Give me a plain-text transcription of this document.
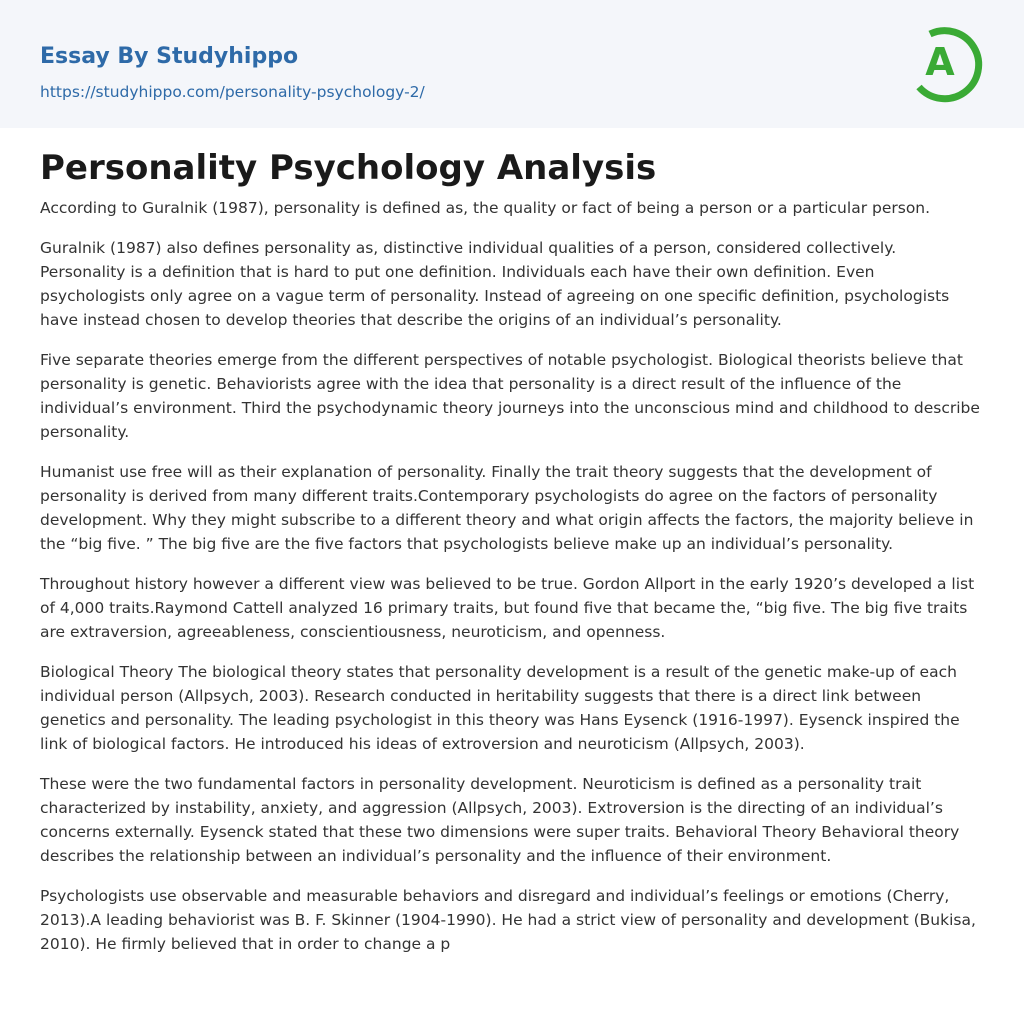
Essay By Studyhippo
https://studyhippo.com/personality-psychology-2/
A
Personality Psychology Analysis

According to Guralnik (1987), personality is defined as, the quality or fact of being a person or a particular person.

Guralnik (1987) also defines personality as, distinctive individual qualities of a person, considered collectively. Personality is a definition that is hard to put one definition. Individuals each have their own definition. Even psychologists only agree on a vague term of personality. Instead of agreeing on one specific definition, psychologists have instead chosen to develop theories that describe the origins of an individual’s personality.

Five separate theories emerge from the different perspectives of notable psychologist. Biological theorists believe that personality is genetic. Behaviorists agree with the idea that personality is a direct result of the influence of the individual’s environment. Third the psychodynamic theory journeys into the unconscious mind and childhood to describe personality.

Humanist use free will as their explanation of personality. Finally the trait theory suggests that the development of personality is derived from many different traits.Contemporary psychologists do agree on the factors of personality development. Why they might subscribe to a different theory and what origin affects the factors, the majority believe in the “big five. ” The big five are the five factors that psychologists believe make up an individual’s personality.

Throughout history however a different view was believed to be true. Gordon Allport in the early 1920’s developed a list of 4,000 traits.Raymond Cattell analyzed 16 primary traits, but found five that became the, “big five. The big five traits are extraversion, agreeableness, conscientiousness, neuroticism, and openness.

Biological Theory The biological theory states that personality development is a result of the genetic make-up of each individual person (Allpsych, 2003). Research conducted in heritability suggests that there is a direct link between genetics and personality. The leading psychologist in this theory was Hans Eysenck (1916-1997). Eysenck inspired the link of biological factors. He introduced his ideas of extroversion and neuroticism (Allpsych, 2003).

These were the two fundamental factors in personality development. Neuroticism is defined as a personality trait characterized by instability, anxiety, and aggression (Allpsych, 2003). Extroversion is the directing of an individual’s concerns externally. Eysenck stated that these two dimensions were super traits. Behavioral Theory Behavioral theory describes the relationship between an individual’s personality and the influence of their environment.

Psychologists use observable and measurable behaviors and disregard and individual’s feelings or emotions (Cherry, 2013).A leading behaviorist was B. F. Skinner (1904-1990). He had a strict view of personality and development (Bukisa, 2010). He firmly believed that in order to change a p
